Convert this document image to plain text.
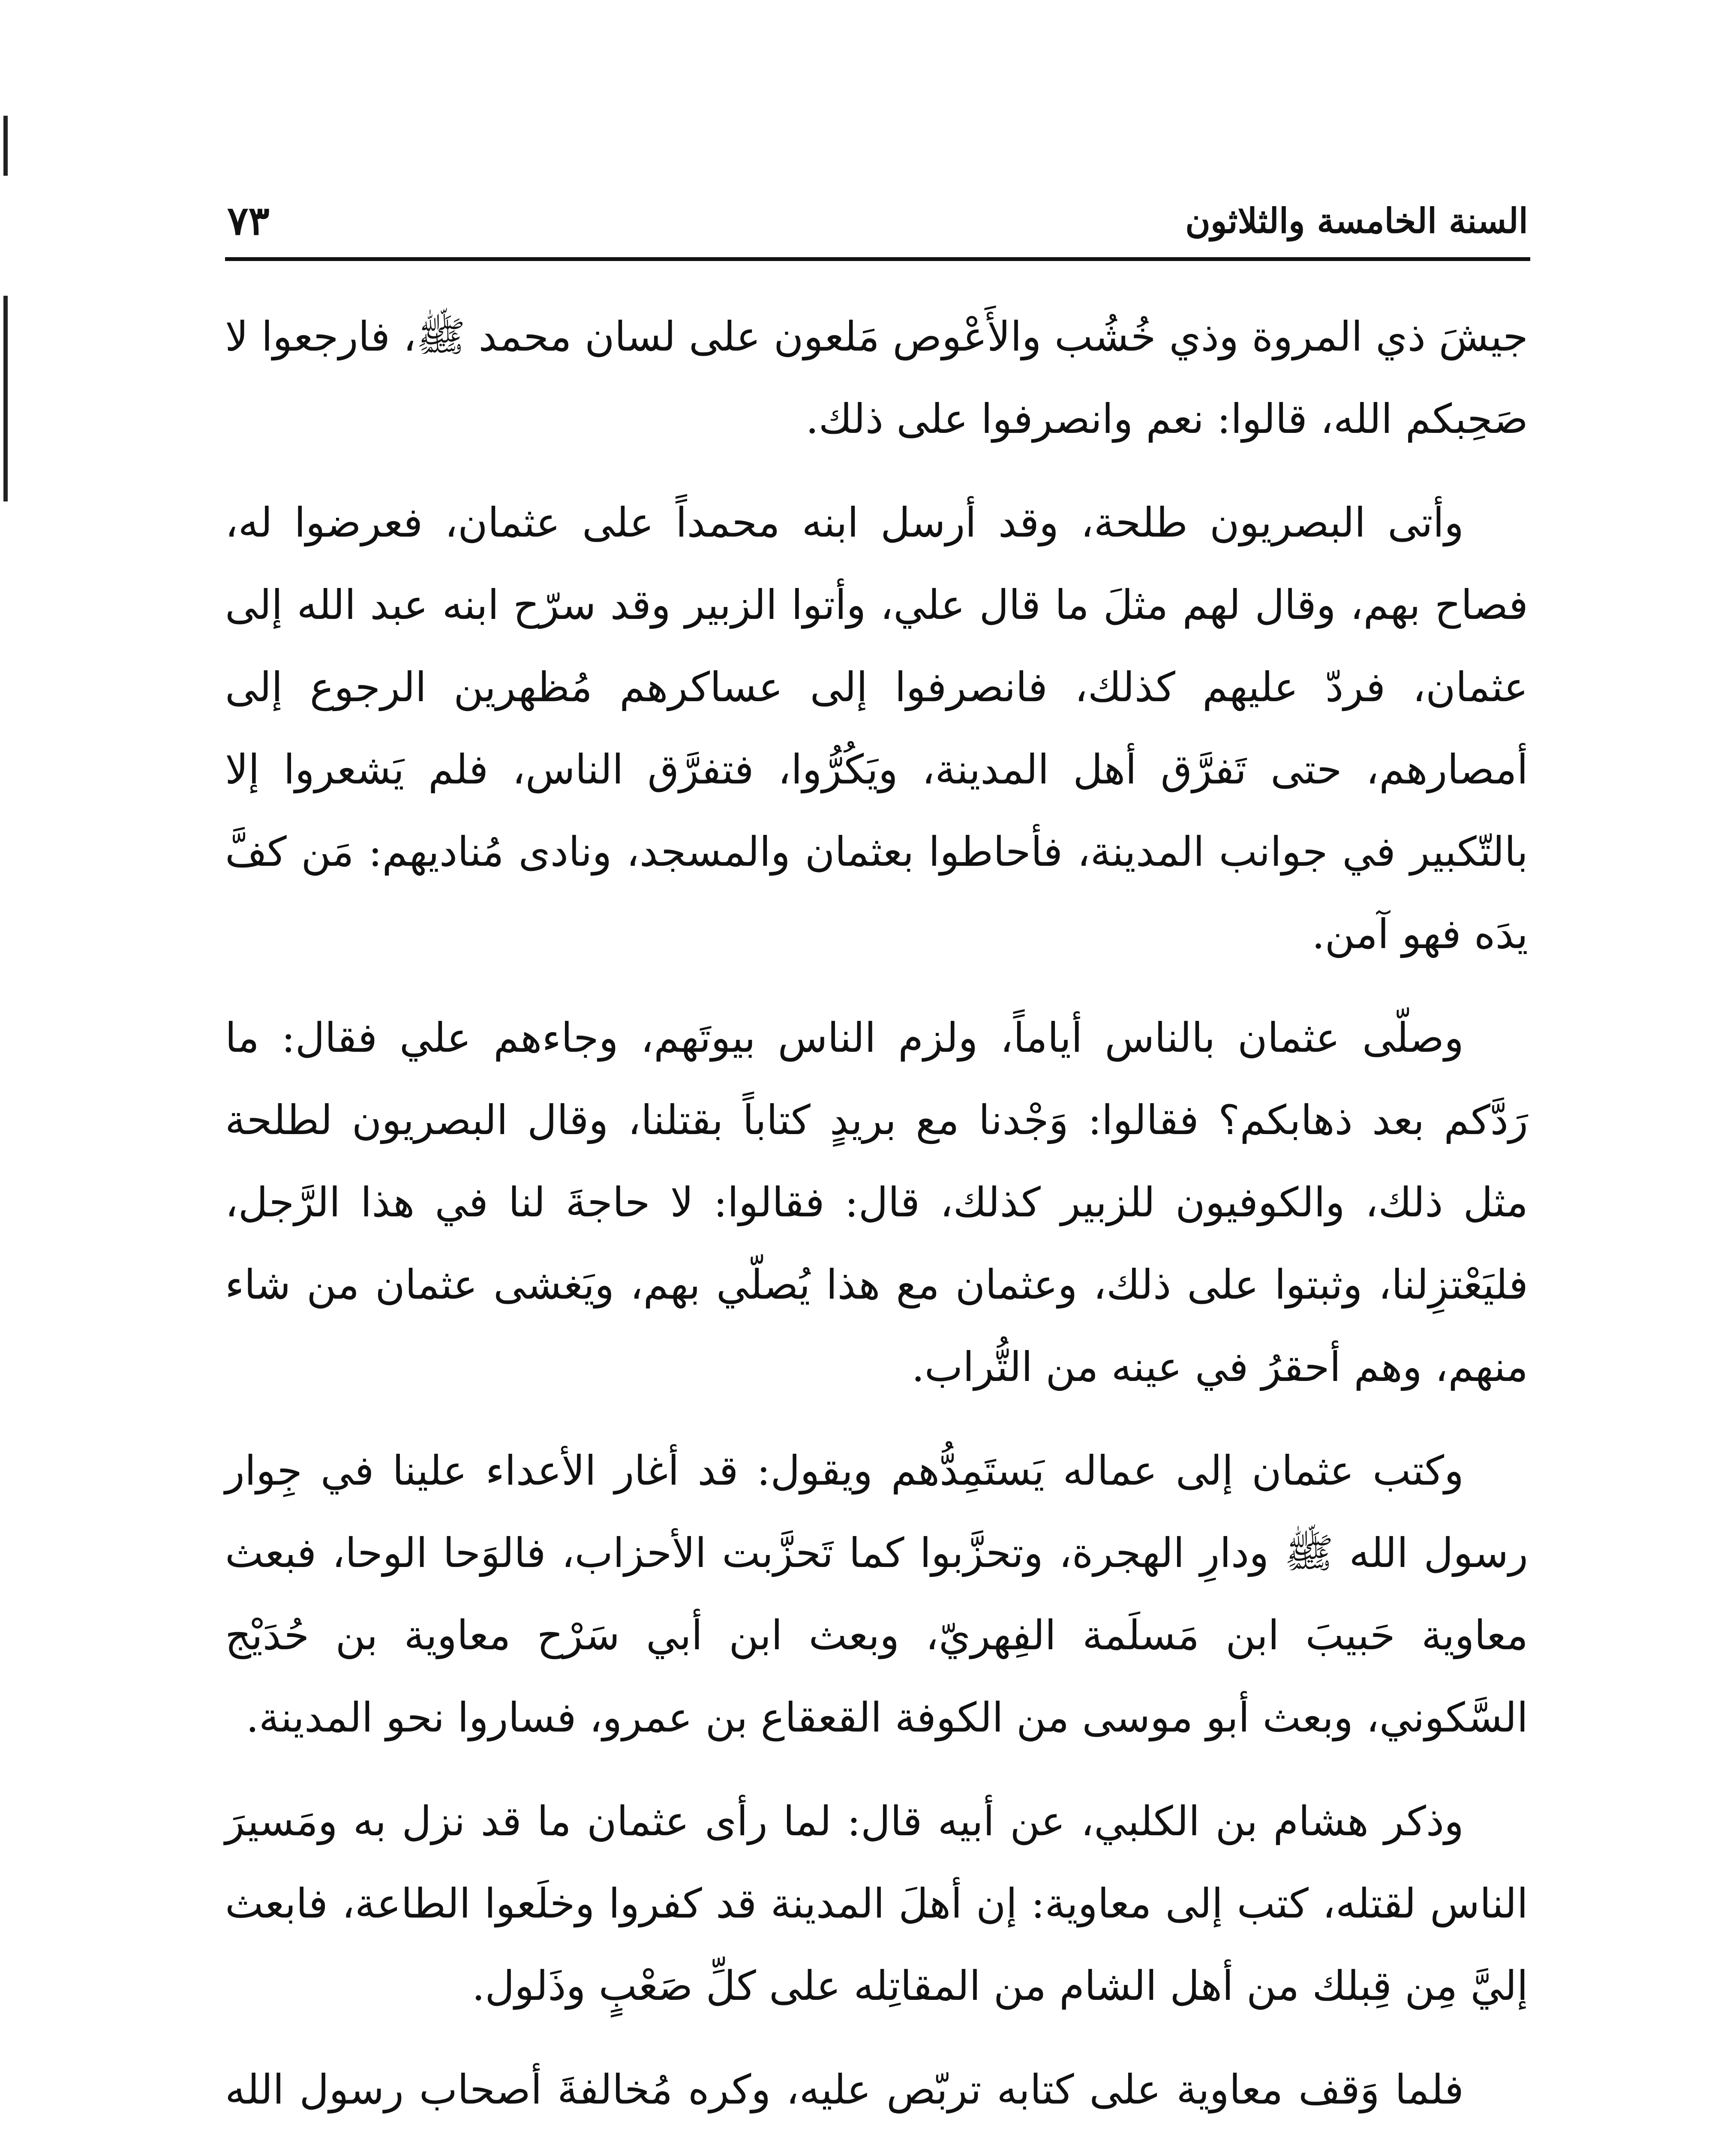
السنة الخامسة والثلاثون
٧٣

جيشَ ذي المروة وذي خُشُب والأَعْوص مَلعون على لسان محمد ﷺ، فارجعوا لا صَحِبكم الله، قالوا: نعم وانصرفوا على ذلك.

وأتى البصريون طلحة، وقد أرسل ابنه محمداً على عثمان، فعرضوا له، فصاح بهم، وقال لهم مثلَ ما قال علي، وأتوا الزبير وقد سرّح ابنه عبد الله إلى عثمان، فردّ عليهم كذلك، فانصرفوا إلى عساكرهم مُظهرين الرجوع إلى أمصارهم، حتى تَفرَّق أهل المدينة، ويَكُرُّوا، فتفرَّق الناس، فلم يَشعروا إلا بالتّكبير في جوانب المدينة، فأحاطوا بعثمان والمسجد، ونادى مُناديهم: مَن كفَّ يدَه فهو آمن.

وصلّى عثمان بالناس أياماً، ولزم الناس بيوتَهم، وجاءهم علي فقال: ما رَدَّكم بعد ذهابكم؟ فقالوا: وَجْدنا مع بريدٍ كتاباً بقتلنا، وقال البصريون لطلحة مثل ذلك، والكوفيون للزبير كذلك، قال: فقالوا: لا حاجةَ لنا في هذا الرَّجل، فليَعْتزِلنا، وثبتوا على ذلك، وعثمان مع هذا يُصلّي بهم، ويَغشى عثمان من شاء منهم، وهم أحقرُ في عينه من التُّراب.

وكتب عثمان إلى عماله يَستَمِدُّهم ويقول: قد أغار الأعداء علينا في جِوار رسول الله ﷺ ودارِ الهجرة، وتحزَّبوا كما تَحزَّبت الأحزاب، فالوَحا الوحا، فبعث معاوية حَبيبَ ابن مَسلَمة الفِهريّ، وبعث ابن أبي سَرْح معاوية بن حُدَيْج السَّكوني، وبعث أبو موسى من الكوفة القعقاع بن عمرو، فساروا نحو المدينة.

وذكر هشام بن الكلبي، عن أبيه قال: لما رأى عثمان ما قد نزل به ومَسيرَ الناس لقتله، كتب إلى معاوية: إن أهلَ المدينة قد كفروا وخلَعوا الطاعة، فابعث إليَّ مِن قِبلك من أهل الشام من المقاتِله على كلِّ صَعْبٍ وذَلول.

فلما وَقف معاوية على كتابه تربّص عليه، وكره مُخالفةَ أصحاب رسول الله
